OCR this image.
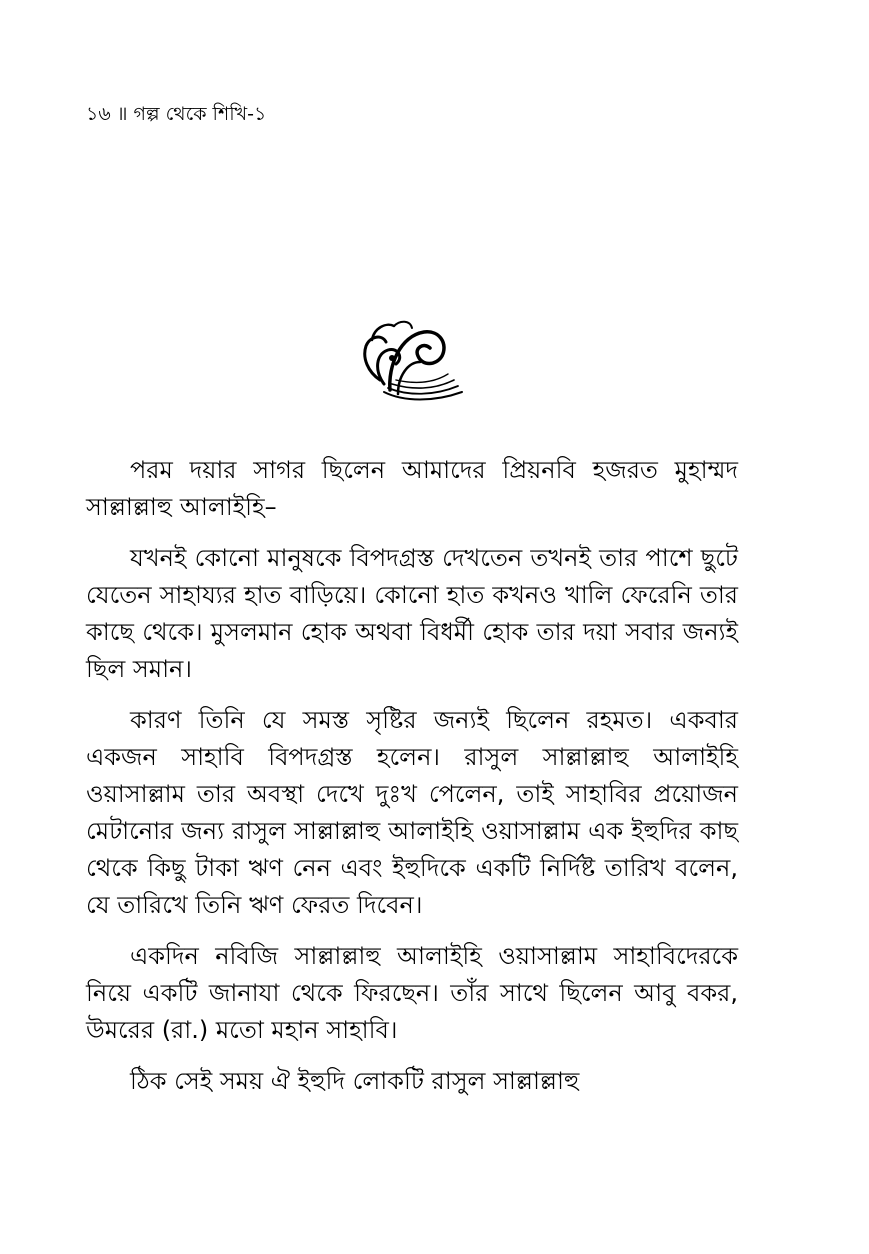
১৬ ॥ গল্প থেকে শিখি-১

পরম দয়ার সাগর ছিলেন আমাদের প্রিয়নবি হজরত মুহাম্মদ সাল্লাল্লাহু আলাইহি–

যখনই কোনো মানুষকে বিপদগ্রস্ত দেখতেন তখনই তার পাশে ছুটে যেতেন সাহায্যর হাত বাড়িয়ে। কোনো হাত কখনও খালি ফেরেনি তার কাছে থেকে। মুসলমান হোক অথবা বিধর্মী হোক তার দয়া সবার জন্যই ছিল সমান।

কারণ তিনি যে সমস্ত সৃষ্টির জন্যই ছিলেন রহমত। একবার একজন সাহাবি বিপদগ্রস্ত হলেন। রাসুল সাল্লাল্লাহু আলাইহি ওয়াসাল্লাম তার অবস্থা দেখে দুঃখ পেলেন, তাই সাহাবির প্রয়োজন মেটানোর জন্য রাসুল সাল্লাল্লাহু আলাইহি ওয়াসাল্লাম এক ইহুদির কাছ থেকে কিছু টাকা ঋণ নেন এবং ইহুদিকে একটি নির্দিষ্ট তারিখ বলেন, যে তারিখে তিনি ঋণ ফেরত দিবেন।

একদিন নবিজি সাল্লাল্লাহু আলাইহি ওয়াসাল্লাম সাহাবিদেরকে নিয়ে একটি জানাযা থেকে ফিরছেন। তাঁর সাথে ছিলেন আবু বকর, উমরের (রা.) মতো মহান সাহাবি।

ঠিক সেই সময় ঐ ইহুদি লোকটি রাসুল সাল্লাল্লাহু
